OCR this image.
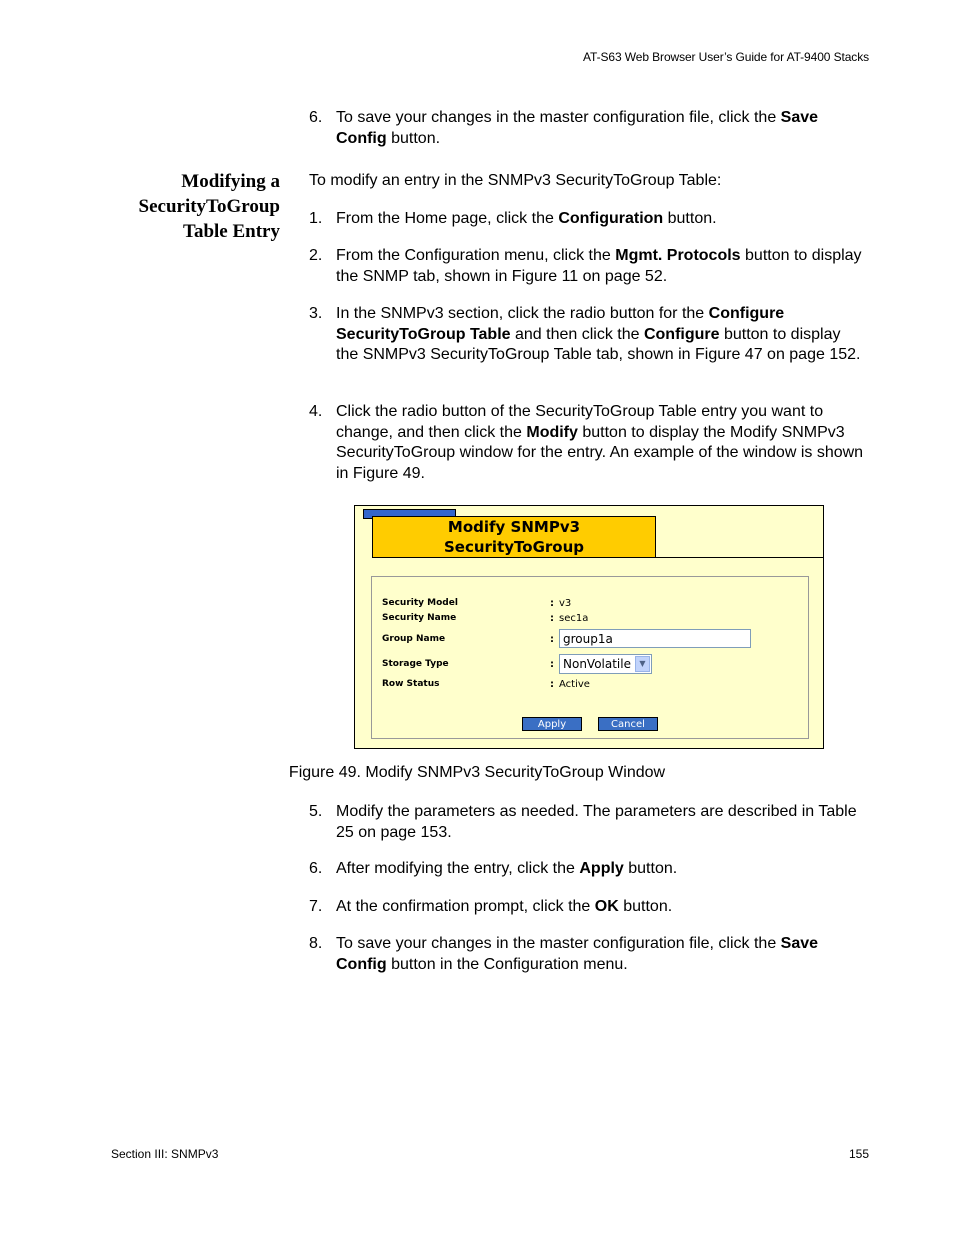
AT-S63 Web Browser User’s Guide for AT-9400 Stacks
6. To save your changes in the master configuration file, click the Save Config button.
Modifying a
SecurityToGroup
Table Entry
To modify an entry in the SNMPv3 SecurityToGroup Table:
1. From the Home page, click the Configuration button.
2. From the Configuration menu, click the Mgmt. Protocols button to display the SNMP tab, shown in Figure 11 on page 52.
3. In the SNMPv3 section, click the radio button for the Configure SecurityToGroup Table and then click the Configure button to display the SNMPv3 SecurityToGroup Table tab, shown in Figure 47 on page 152.
4. Click the radio button of the SecurityToGroup Table entry you want to change, and then click the Modify button to display the Modify SNMPv3 SecurityToGroup window for the entry. An example of the window is shown in Figure 49.
Modify SNMPv3
SecurityToGroup
Security Model	: v3
Security Name	: sec1a
Group Name	: group1a
Storage Type	: NonVolatile	▼
Row Status	: Active
Apply	Cancel
Figure 49. Modify SNMPv3 SecurityToGroup Window
5. Modify the parameters as needed. The parameters are described in Table 25 on page 153.
6. After modifying the entry, click the Apply button.
7. At the confirmation prompt, click the OK button.
8. To save your changes in the master configuration file, click the Save Config button in the Configuration menu.
Section III: SNMPv3	155
